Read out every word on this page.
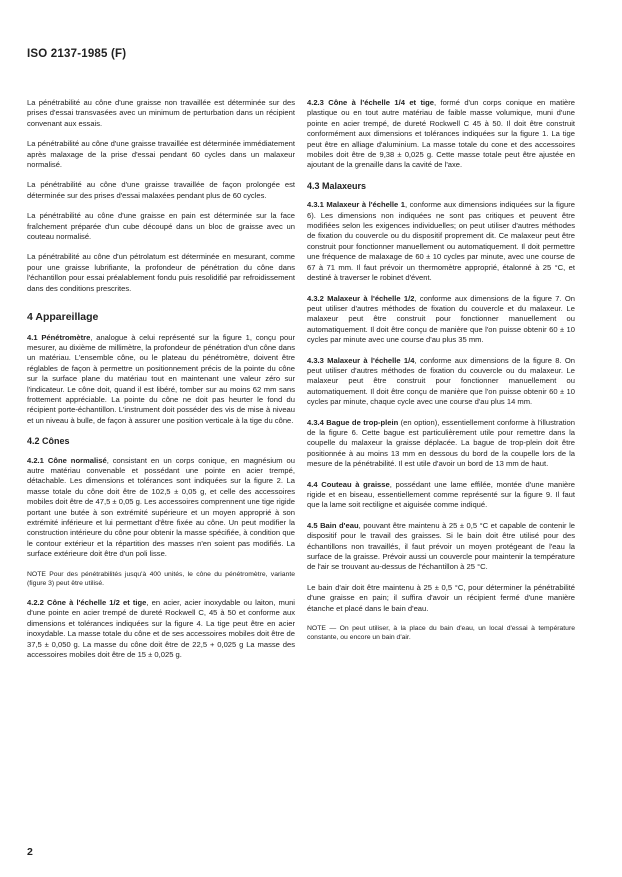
ISO 2137-1985 (F)

La pénétrabilité au cône d'une graisse non travaillée est déterminée sur des prises d'essai transvasées avec un minimum de perturbation dans un récipient convenant aux essais.

La pénétrabilité au cône d'une graisse travaillée est déterminée immédiatement après malaxage de la prise d'essai pendant 60 cycles dans un malaxeur normalisé.

La pénétrabilité au cône d'une graisse travaillée de façon prolongée est déterminée sur des prises d'essai malaxées pendant plus de 60 cycles.

La pénétrabilité au cône d'une graisse en pain est déterminée sur la face fraîchement préparée d'un cube découpé dans un bloc de graisse avec un couteau normalisé.

La pénétrabilité au cône d'un pétrolatum est déterminée en mesurant, comme pour une graisse lubrifiante, la profondeur de pénétration du cône dans l'échantillon pour essai préalablement fondu puis resolidifié par refroidissement dans des conditions prescrites.

4 Appareillage

4.1 Pénétromètre, analogue à celui représenté sur la figure 1, conçu pour mesurer, au dixième de millimètre, la profondeur de pénétration d'un cône dans un matériau. L'ensemble cône, ou le plateau du pénétromètre, doivent être réglables de façon à permettre un positionnement précis de la pointe du cône sur la surface plane du matériau tout en maintenant une valeur zéro sur l'indicateur. Le cône doit, quand il est libéré, tomber sur au moins 62 mm sans frottement appréciable. La pointe du cône ne doit pas heurter le fond du récipient porte-échantillon. L'instrument doit posséder des vis de mise à niveau et un niveau à bulle, de façon à assurer une position verticale à la tige du cône.

4.2 Cônes

4.2.1 Cône normalisé, consistant en un corps conique, en magnésium ou autre matériau convenable et possédant une pointe en acier trempé, détachable. Les dimensions et tolérances sont indiquées sur la figure 2. La masse totale du cône doit être de 102,5 ± 0,05 g, et celle des accessoires mobiles doit être de 47,5 ± 0,05 g. Les accessoires comprennent une tige rigide portant une butée à son extrémité supérieure et un moyen approprié à son extrémité inférieure et lui permettant d'être fixée au cône. Un peut modifier la construction intérieure du cône pour obtenir la masse spécifiée, à condition que le contour extérieur et la répartition des masses n'en soient pas modifiés. La surface extérieure doit être d'un poli lisse.

NOTE Pour des pénétrabilités jusqu'à 400 unités, le cône du pénétromètre, variante (figure 3) peut être utilisé.

4.2.2 Cône à l'échelle 1/2 et tige, en acier, acier inoxydable ou laiton, muni d'une pointe en acier trempé de dureté Rockwell C, 45 à 50 et conforme aux dimensions et tolérances indiquées sur la figure 4. La tige peut être en acier inoxydable. La masse totale du cône et de ses accessoires mobiles doit être de 37,5 ± 0,050 g. La masse du cône doit être de 22,5 + 0,025 g La masse des accessoires mobiles doit être de 15 ± 0,025 g.

4.2.3 Cône à l'échelle 1/4 et tige, formé d'un corps conique en matière plastique ou en tout autre matériau de faible masse volumique, muni d'une pointe en acier trempé, de dureté Rockwell C 45 à 50. Il doit être construit conformément aux dimensions et tolérances indiquées sur la figure 1. La tige peut être en alliage d'aluminium. La masse totale du cone et des accessoires mobiles doit être de 9,38 ± 0,025 g. Cette masse totale peut être ajustée en ajoutant de la grenaille dans la cavité de l'axe.

4.3 Malaxeurs

4.3.1 Malaxeur à l'échelle 1, conforme aux dimensions indiquées sur la figure 6). Les dimensions non indiquées ne sont pas critiques et peuvent être modifiées selon les exigences individuelles; on peut utiliser d'autres méthodes de fixation du couvercle ou du dispositif proprement dit. Ce malaxeur peut être construit pour fonctionner manuellement ou automatiquement. Il doit permettre une fréquence de malaxage de 60 ± 10 cycles par minute, avec une course de 67 à 71 mm. Il faut prévoir un thermomètre approprié, étalonné à 25 °C, et destiné à traverser le robinet d'évent.

4.3.2 Malaxeur à l'échelle 1/2, conforme aux dimensions de la figure 7. On peut utiliser d'autres méthodes de fixation du couvercle et du malaxeur. Le malaxeur peut être construit pour fonctionner manuellement ou automatiquement. Il doit être conçu de manière que l'on puisse obtenir 60 ± 10 cycles par minute avec une course d'au plus 35 mm.

4.3.3 Malaxeur à l'échelle 1/4, conforme aux dimensions de la figure 8. On peut utiliser d'autres méthodes de fixation du couvercle ou du malaxeur. Le malaxeur peut être construit pour fonctionner manuellement ou automatiquement. Il doit être conçu de manière que l'on puisse obtenir 60 ± 10 cycles par minute, chaque cycle avec une course d'au plus 14 mm.

4.3.4 Bague de trop-plein (en option), essentiellement conforme à l'illustration de la figure 6. Cette bague est particulièrement utile pour remettre dans la coupelle du malaxeur la graisse déplacée. La bague de trop-plein doit être positionnée à au moins 13 mm en dessous du bord de la coupelle lors de la mesure de la pénétrabilité. Il est utile d'avoir un bord de 13 mm de haut.

4.4 Couteau à graisse, possédant une lame effilée, montée d'une manière rigide et en biseau, essentiellement comme représenté sur la figure 9. Il faut que la lame soit rectiligne et aiguisée comme indiqué.

4.5 Bain d'eau, pouvant être maintenu à 25 ± 0,5 °C et capable de contenir le dispositif pour le travail des graisses. Si le bain doit être utilisé pour des échantillons non travaillés, il faut prévoir un moyen protégeant de l'eau la surface de la graisse. Prévoir aussi un couvercle pour maintenir la température de l'air se trouvant au-dessus de l'échantillon à 25 °C.

Le bain d'air doit être maintenu à 25 ± 0,5 °C, pour déterminer la pénétrabilité d'une graisse en pain; il suffira d'avoir un récipient fermé d'une manière étanche et placé dans le bain d'eau.

NOTE — On peut utiliser, à la place du bain d'eau, un local d'essai à température constante, ou encore un bain d'air.

2
